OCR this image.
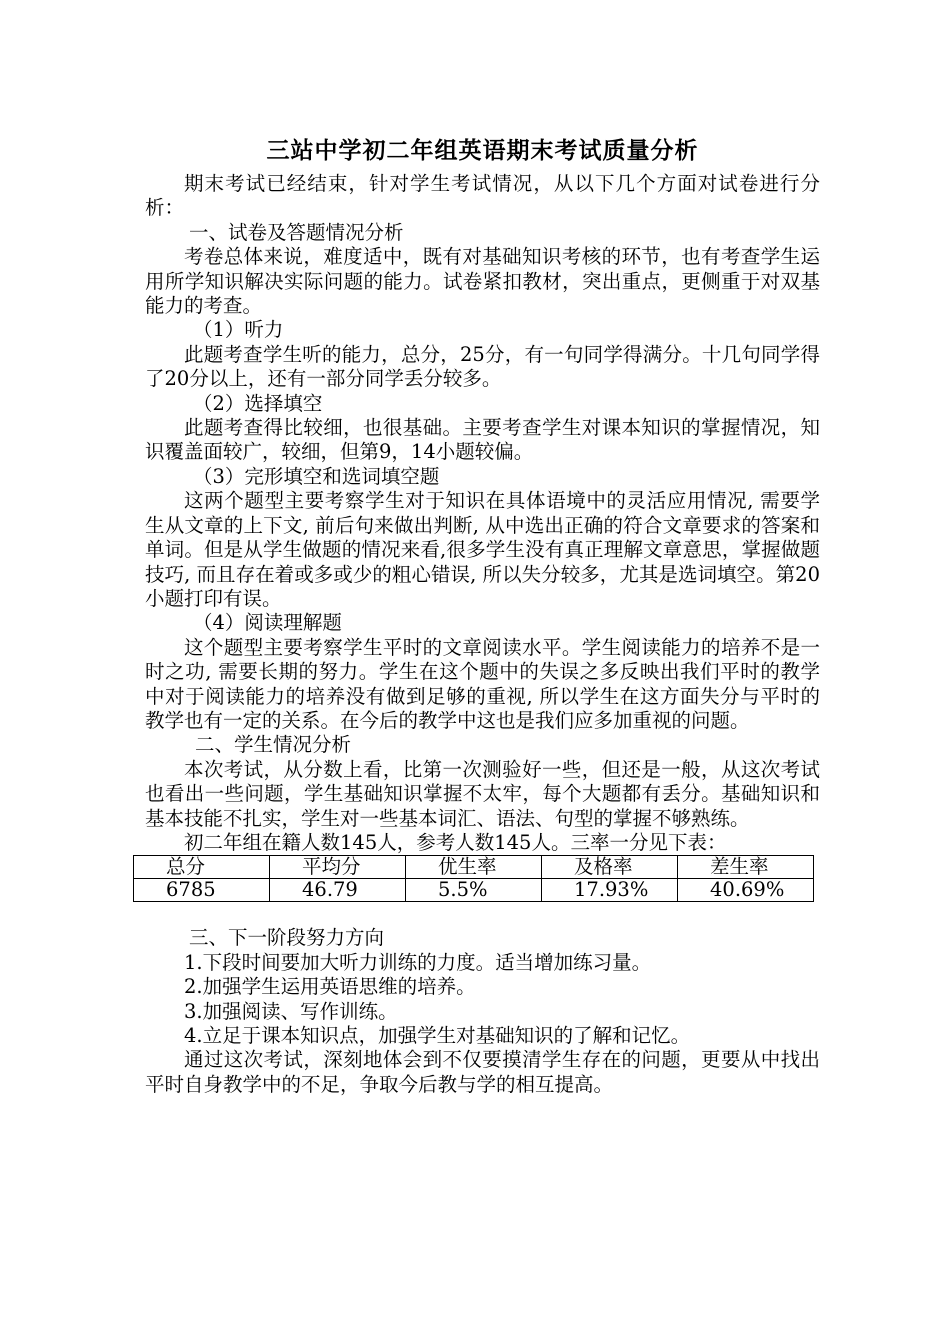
三站中学初二年组英语期末考试质量分析

期末考试已经结束，针对学生考试情况，从以下几个方面对试卷进行分析：

一、试卷及答题情况分析

考卷总体来说，难度适中，既有对基础知识考核的环节，也有考查学生运用所学知识解决实际问题的能力。试卷紧扣教材，突出重点，更侧重于对双基能力的考查。

（1）听力

此题考查学生听的能力，总分，25分，有一句同学得满分。十几句同学得了20分以上，还有一部分同学丢分较多。

（2）选择填空

此题考查得比较细，也很基础。主要考查学生对课本知识的掌握情况，知识覆盖面较广，较细，但第9，14小题较偏。

（3）完形填空和选词填空题

这两个题型主要考察学生对于知识在具体语境中的灵活应用情况, 需要学生从文章的上下文, 前后句来做出判断, 从中选出正确的符合文章要求的答案和单词。但是从学生做题的情况来看,很多学生没有真正理解文章意思，掌握做题技巧, 而且存在着或多或少的粗心错误, 所以失分较多，尤其是选词填空。第20小题打印有误。

（4）阅读理解题

这个题型主要考察学生平时的文章阅读水平。学生阅读能力的培养不是一时之功, 需要长期的努力。学生在这个题中的失误之多反映出我们平时的教学中对于阅读能力的培养没有做到足够的重视, 所以学生在这方面失分与平时的教学也有一定的关系。在今后的教学中这也是我们应多加重视的问题。

二、学生情况分析

本次考试，从分数上看，比第一次测验好一些，但还是一般，从这次考试也看出一些问题，学生基础知识掌握不太牢，每个大题都有丢分。基础知识和基本技能不扎实，学生对一些基本词汇、语法、句型的掌握不够熟练。

初二年组在籍人数145人，参考人数145人。三率一分见下表：

总分	平均分	优生率	及格率	差生率
6785	46.79	5.5%	17.93%	40.69%

三、下一阶段努力方向

1.下段时间要加大听力训练的力度。适当增加练习量。

2.加强学生运用英语思维的培养。

3.加强阅读、写作训练。

4.立足于课本知识点，加强学生对基础知识的了解和记忆。

通过这次考试，深刻地体会到不仅要摸清学生存在的问题，更要从中找出平时自身教学中的不足，争取今后教与学的相互提高。
